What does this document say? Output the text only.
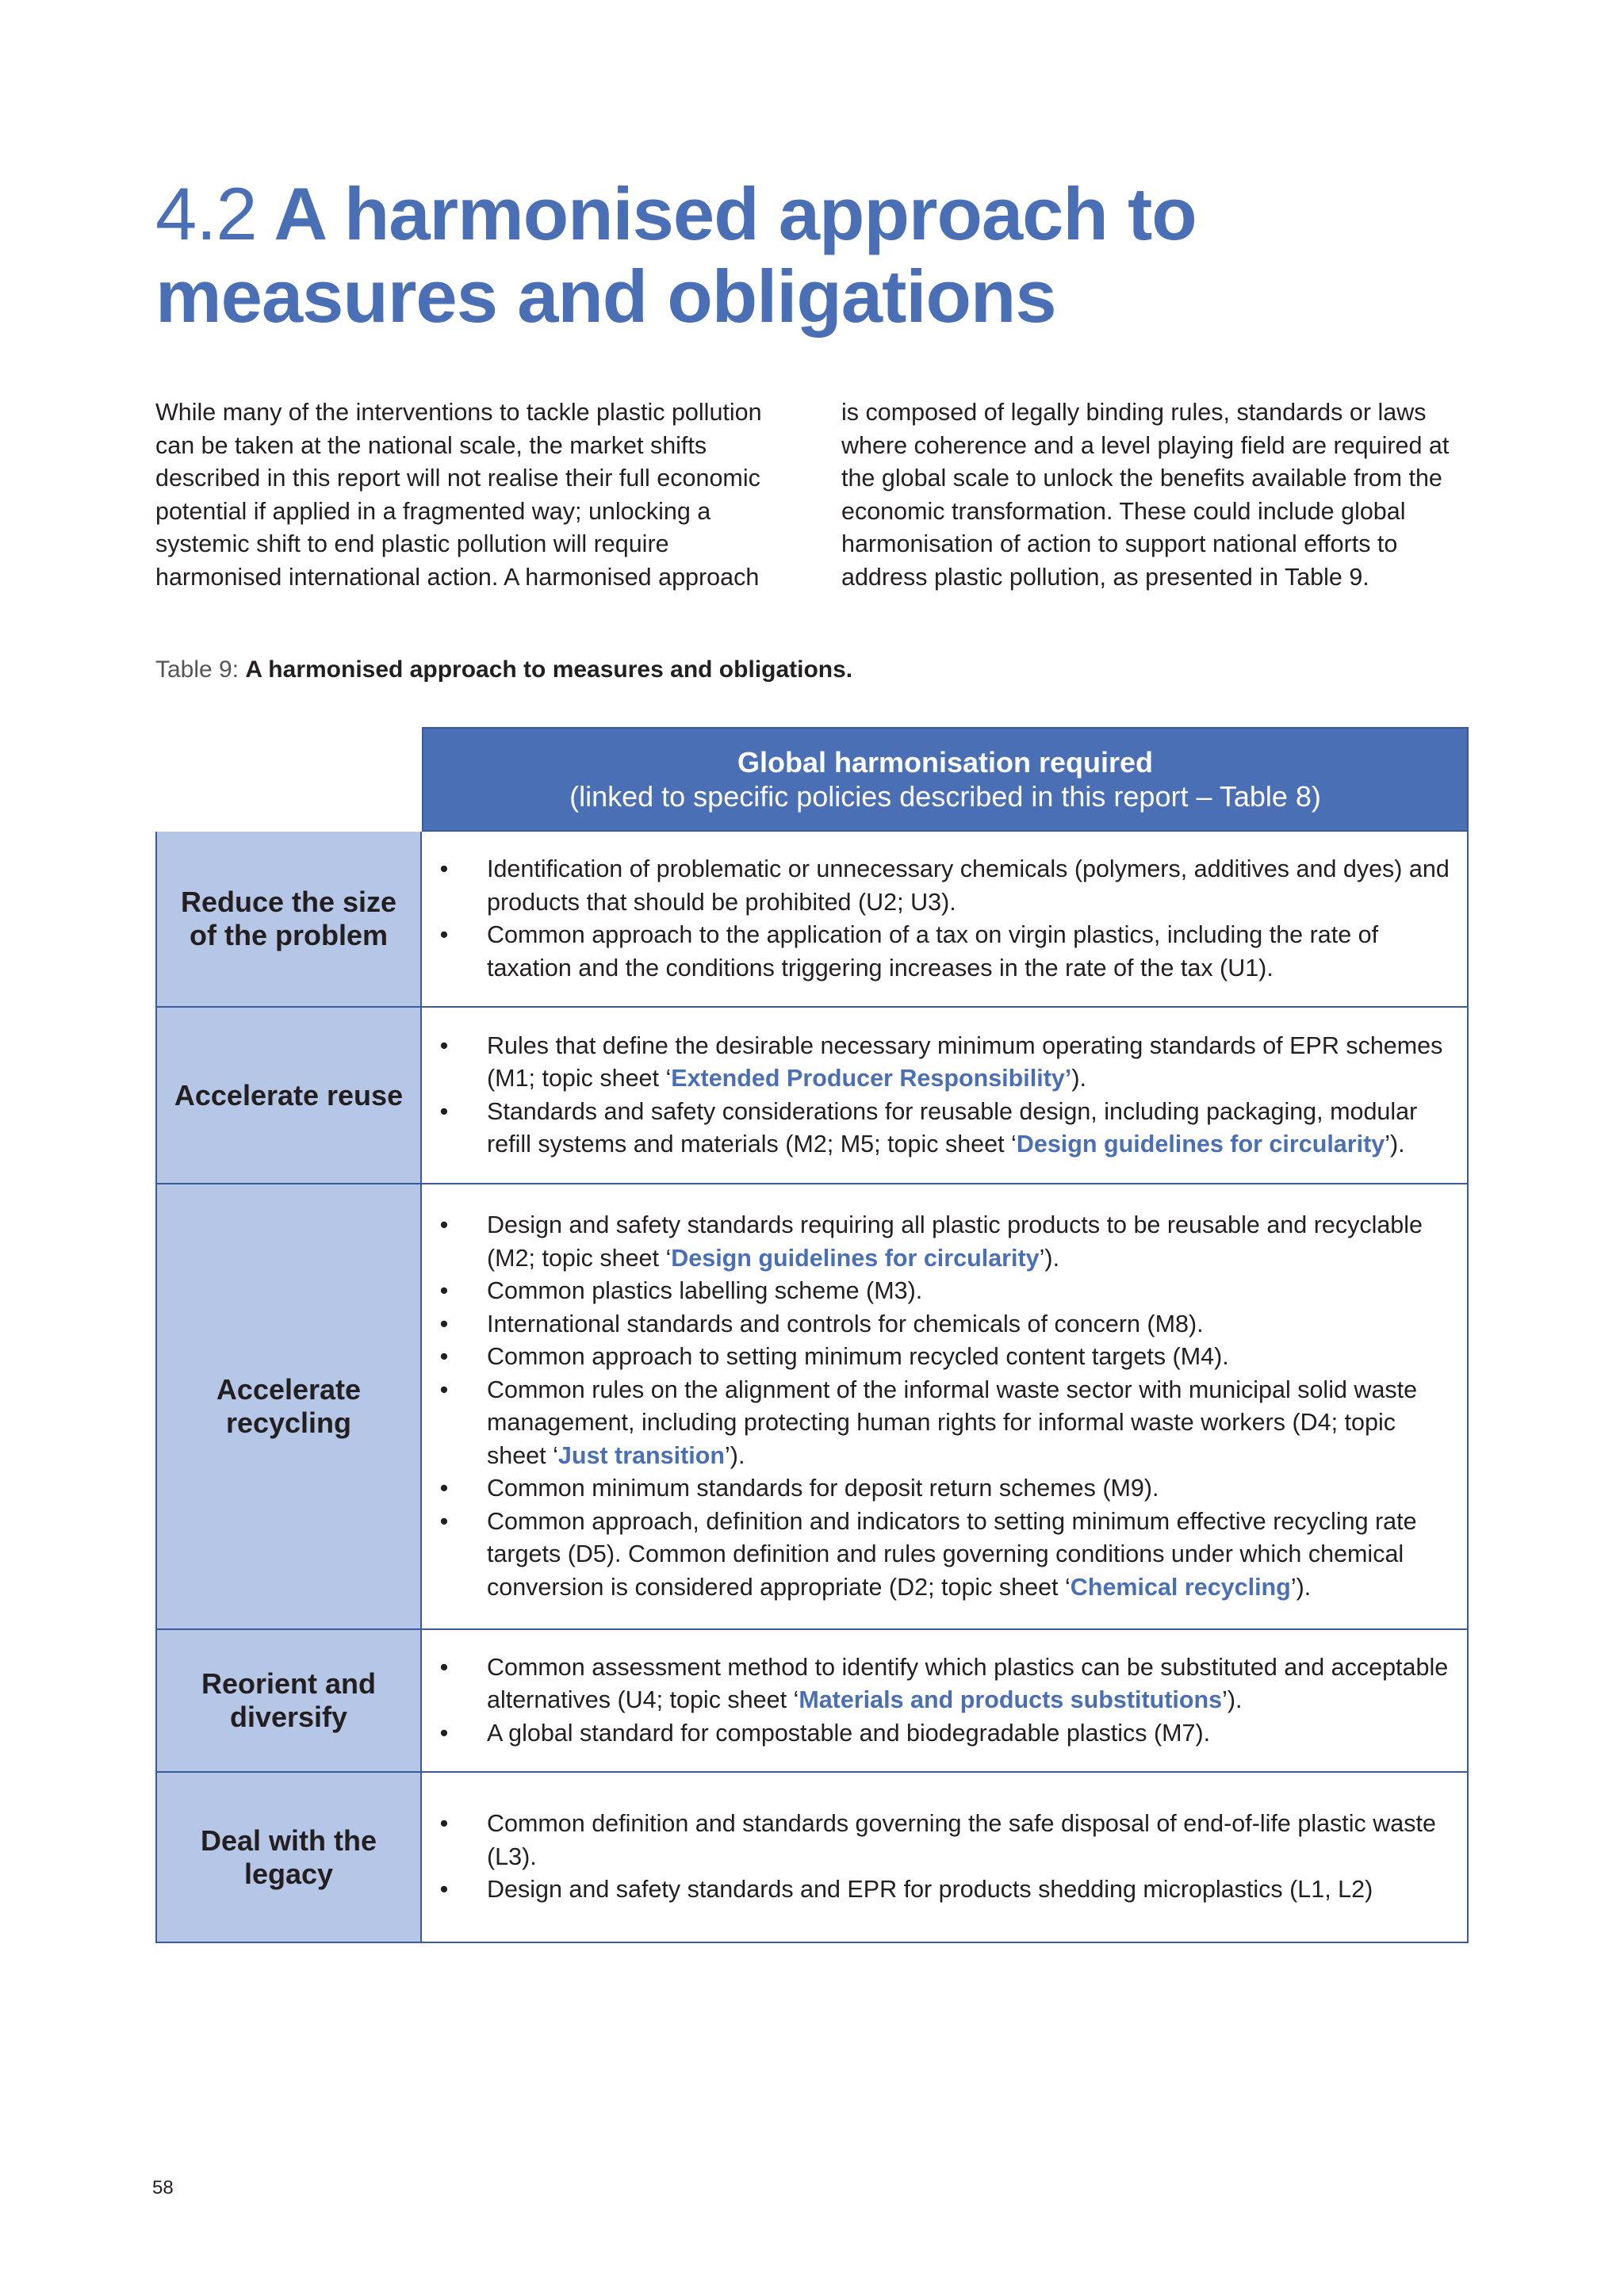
4.2 A harmonised approach to measures and obligations
While many of the interventions to tackle plastic pollution can be taken at the national scale, the market shifts described in this report will not realise their full economic potential if applied in a fragmented way; unlocking a systemic shift to end plastic pollution will require harmonised international action. A harmonised approach
is composed of legally binding rules, standards or laws where coherence and a level playing field are required at the global scale to unlock the benefits available from the economic transformation. These could include global harmonisation of action to support national efforts to address plastic pollution, as presented in Table 9.
Table 9: A harmonised approach to measures and obligations.
Global harmonisation required
(linked to specific policies described in this report – Table 8)
Reduce the size of the problem
• Identification of problematic or unnecessary chemicals (polymers, additives and dyes) and products that should be prohibited (U2; U3).
• Common approach to the application of a tax on virgin plastics, including the rate of taxation and the conditions triggering increases in the rate of the tax (U1).
Accelerate reuse
• Rules that define the desirable necessary minimum operating standards of EPR schemes (M1; topic sheet ‘Extended Producer Responsibility’).
• Standards and safety considerations for reusable design, including packaging, modular refill systems and materials (M2; M5; topic sheet ‘Design guidelines for circularity’).
Accelerate recycling
• Design and safety standards requiring all plastic products to be reusable and recyclable (M2; topic sheet ‘Design guidelines for circularity’).
• Common plastics labelling scheme (M3).
• International standards and controls for chemicals of concern (M8).
• Common approach to setting minimum recycled content targets (M4).
• Common rules on the alignment of the informal waste sector with municipal solid waste management, including protecting human rights for informal waste workers (D4; topic sheet ‘Just transition’).
• Common minimum standards for deposit return schemes (M9).
• Common approach, definition and indicators to setting minimum effective recycling rate targets (D5). Common definition and rules governing conditions under which chemical conversion is considered appropriate (D2; topic sheet ‘Chemical recycling’).
Reorient and diversify
• Common assessment method to identify which plastics can be substituted and acceptable alternatives (U4; topic sheet ‘Materials and products substitutions’).
• A global standard for compostable and biodegradable plastics (M7).
Deal with the legacy
• Common definition and standards governing the safe disposal of end-of-life plastic waste (L3).
• Design and safety standards and EPR for products shedding microplastics (L1, L2)
58
